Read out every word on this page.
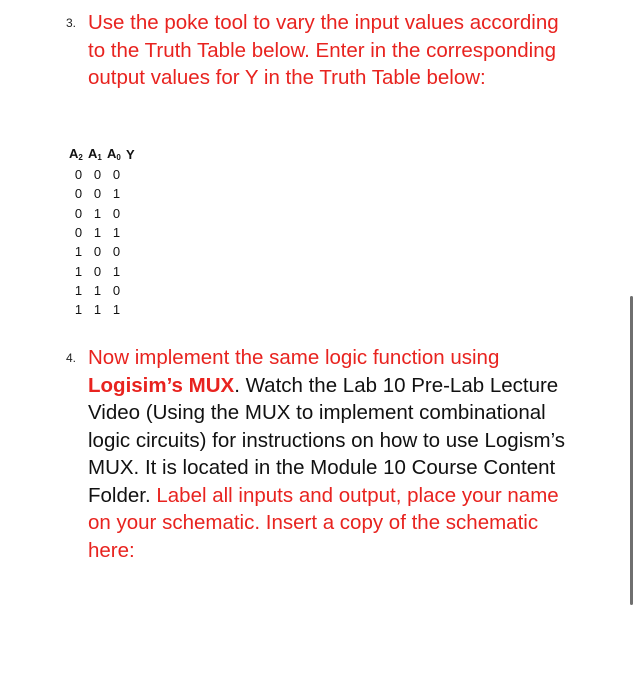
3. Use the poke tool to vary the input values according to the Truth Table below. Enter in the corresponding output values for Y in the Truth Table below:
$A_2$	$A_1$	$A_0$	Y
0	0	0	
0	0	1	
0	1	0	
0	1	1	
1	0	0	
1	0	1	
1	1	0	
1	1	1	
4. Now implement the same logic function using Logisim’s MUX. Watch the Lab 10 Pre-Lab Lecture Video (Using the MUX to implement combinational logic circuits) for instructions on how to use Logism’s MUX. It is located in the Module 10 Course Content Folder. Label all inputs and output, place your name on your schematic. Insert a copy of the schematic here:
